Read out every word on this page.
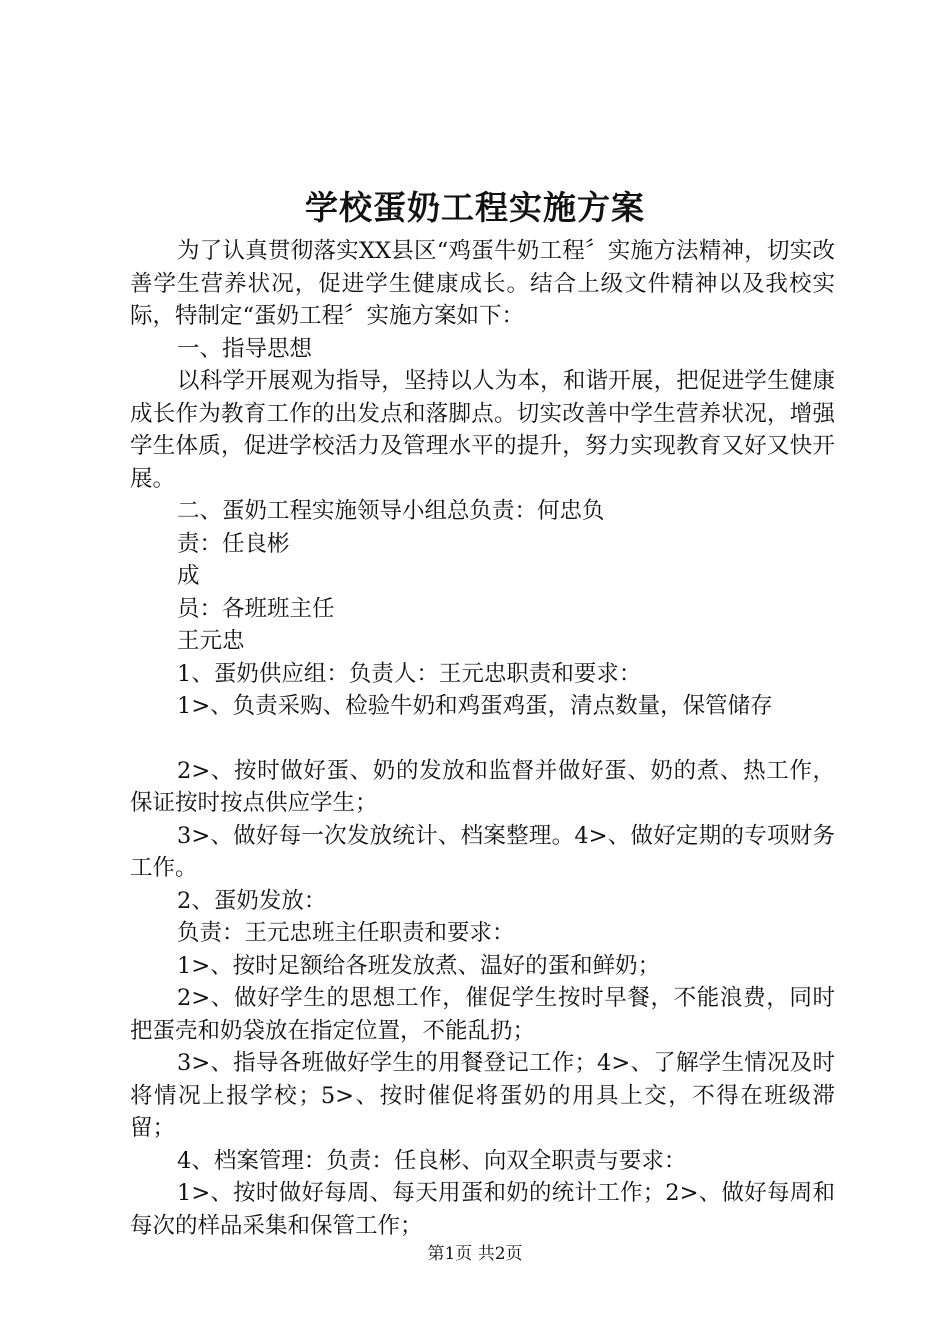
学校蛋奶工程实施方案

为了认真贯彻落实XX县区“鸡蛋牛奶工程〞实施方法精神，切实改善学生营养状况，促进学生健康成长。结合上级文件精神以及我校实际，特制定“蛋奶工程〞实施方案如下：

一、指导思想

以科学开展观为指导，坚持以人为本，和谐开展，把促进学生健康成长作为教育工作的出发点和落脚点。切实改善中学生营养状况，增强学生体质，促进学校活力及管理水平的提升，努力实现教育又好又快开展。

二、蛋奶工程实施领导小组总负责：何忠负

责：任良彬

成

员：各班班主任

王元忠

1、蛋奶供应组：负责人：王元忠职责和要求：

1>、负责采购、检验牛奶和鸡蛋鸡蛋，清点数量，保管储存

2>、按时做好蛋、奶的发放和监督并做好蛋、奶的煮、热工作，保证按时按点供应学生；

3>、做好每一次发放统计、档案整理。4>、做好定期的专项财务工作。

2、蛋奶发放：

负责：王元忠班主任职责和要求：

1>、按时足额给各班发放煮、温好的蛋和鲜奶；

2>、做好学生的思想工作，催促学生按时早餐，不能浪费，同时把蛋壳和奶袋放在指定位置，不能乱扔；

3>、指导各班做好学生的用餐登记工作；4>、了解学生情况及时将情况上报学校；5>、按时催促将蛋奶的用具上交，不得在班级滞留；

4、档案管理：负责：任良彬、向双全职责与要求：

1>、按时做好每周、每天用蛋和奶的统计工作；2>、做好每周和每次的样品采集和保管工作；

第1页 共2页
